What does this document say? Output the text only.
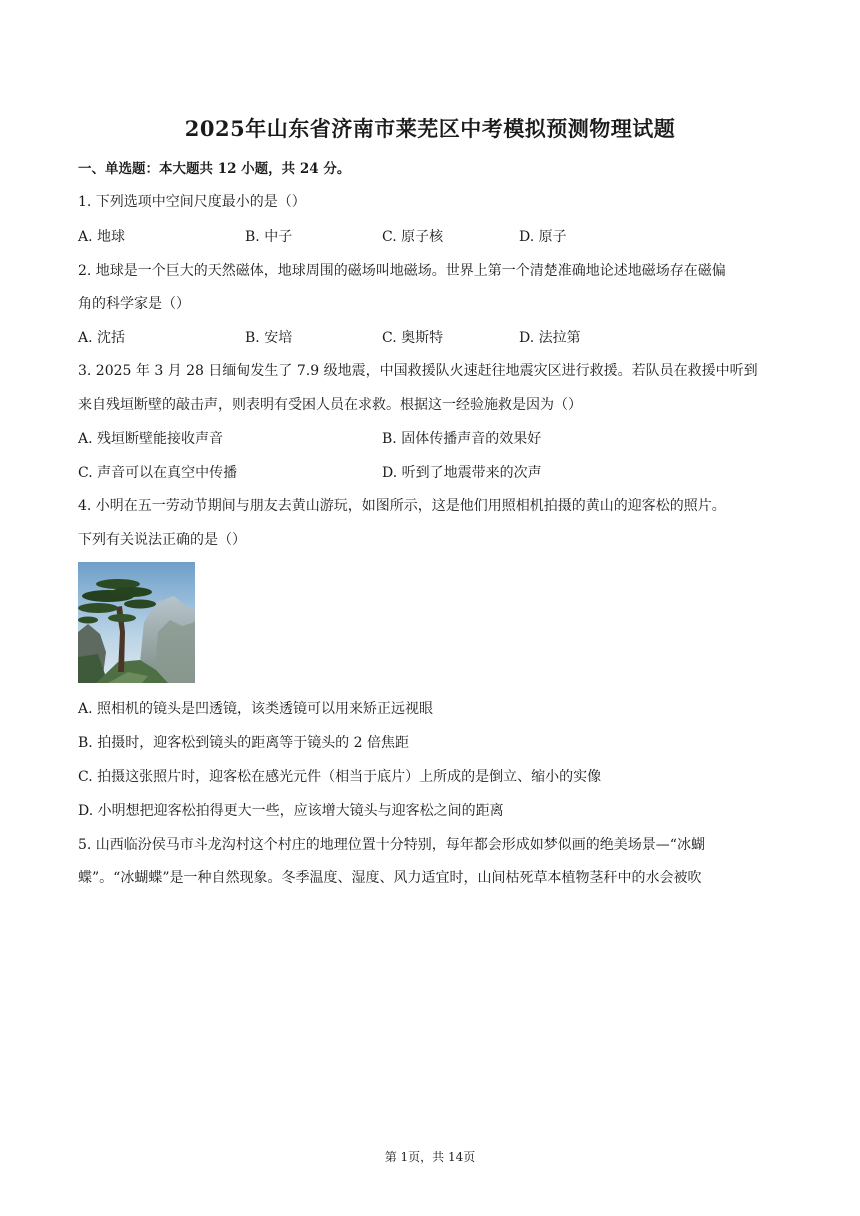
2025年山东省济南市莱芜区中考模拟预测物理试题
一、单选题：本大题共 12 小题，共 24 分。
1. 下列选项中空间尺度最小的是（）
A. 地球	B. 中子	C. 原子核	D. 原子
2. 地球是一个巨大的天然磁体，地球周围的磁场叫地磁场。世界上第一个清楚准确地论述地磁场存在磁偏
角的科学家是（）
A. 沈括	B. 安培	C. 奥斯特	D. 法拉第
3. 2025 年 3 月 28 日缅甸发生了 7.9 级地震，中国救援队火速赶往地震灾区进行救援。若队员在救援中听到
来自残垣断壁的敲击声，则表明有受困人员在求救。根据这一经验施救是因为（）
A. 残垣断壁能接收声音	B. 固体传播声音的效果好
C. 声音可以在真空中传播	D. 听到了地震带来的次声
4. 小明在五一劳动节期间与朋友去黄山游玩，如图所示，这是他们用照相机拍摄的黄山的迎客松的照片。
下列有关说法正确的是（）
A. 照相机的镜头是凹透镜，该类透镜可以用来矫正远视眼
B. 拍摄时，迎客松到镜头的距离等于镜头的 2 倍焦距
C. 拍摄这张照片时，迎客松在感光元件（相当于底片）上所成的是倒立、缩小的实像
D. 小明想把迎客松拍得更大一些，应该增大镜头与迎客松之间的距离
5. 山西临汾侯马市斗龙沟村这个村庄的地理位置十分特别，每年都会形成如梦似画的绝美场景—“冰蝴
蝶”。“冰蝴蝶”是一种自然现象。冬季温度、湿度、风力适宜时，山间枯死草本植物茎秆中的水会被吹
第 1页，共 14页
